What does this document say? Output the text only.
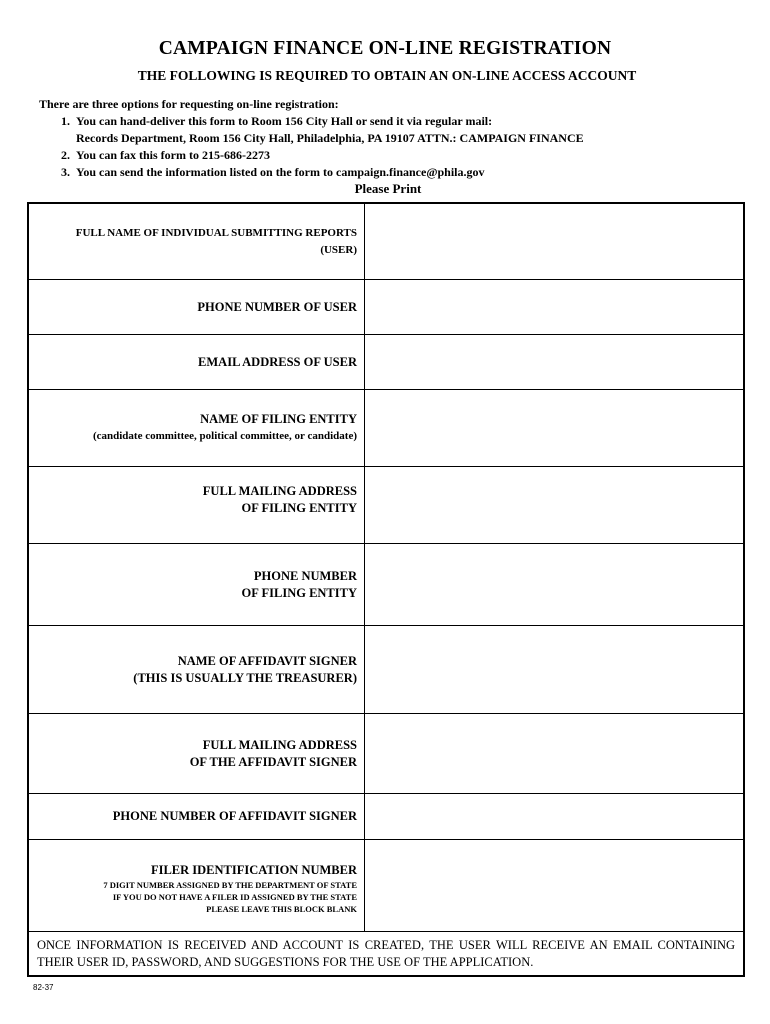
CAMPAIGN FINANCE ON-LINE REGISTRATION
THE FOLLOWING IS REQUIRED TO OBTAIN AN ON-LINE ACCESS ACCOUNT
There are three options for requesting on-line registration:
1. You can hand-deliver this form to Room 156 City Hall or send it via regular mail:
Records Department, Room 156 City Hall, Philadelphia, PA 19107 ATTN.: CAMPAIGN FINANCE
2. You can fax this form to 215-686-2273
3. You can send the information listed on the form to campaign.finance@phila.gov
Please Print
FULL NAME OF INDIVIDUAL SUBMITTING REPORTS
(USER)
PHONE NUMBER OF USER
EMAIL ADDRESS OF USER
NAME OF FILING ENTITY
(candidate committee, political committee, or candidate)
FULL MAILING ADDRESS
OF FILING ENTITY
PHONE NUMBER
OF FILING ENTITY
NAME OF AFFIDAVIT SIGNER
(THIS IS USUALLY THE TREASURER)
FULL MAILING ADDRESS
OF THE AFFIDAVIT SIGNER
PHONE NUMBER OF AFFIDAVIT SIGNER
FILER IDENTIFICATION NUMBER
7 DIGIT NUMBER ASSIGNED BY THE DEPARTMENT OF STATE
IF YOU DO NOT HAVE A FILER ID ASSIGNED BY THE STATE
PLEASE LEAVE THIS BLOCK BLANK
ONCE INFORMATION IS RECEIVED AND ACCOUNT IS CREATED, THE USER WILL RECEIVE AN EMAIL CONTAINING THEIR USER ID, PASSWORD, AND SUGGESTIONS FOR THE USE OF THE APPLICATION.
82-37
